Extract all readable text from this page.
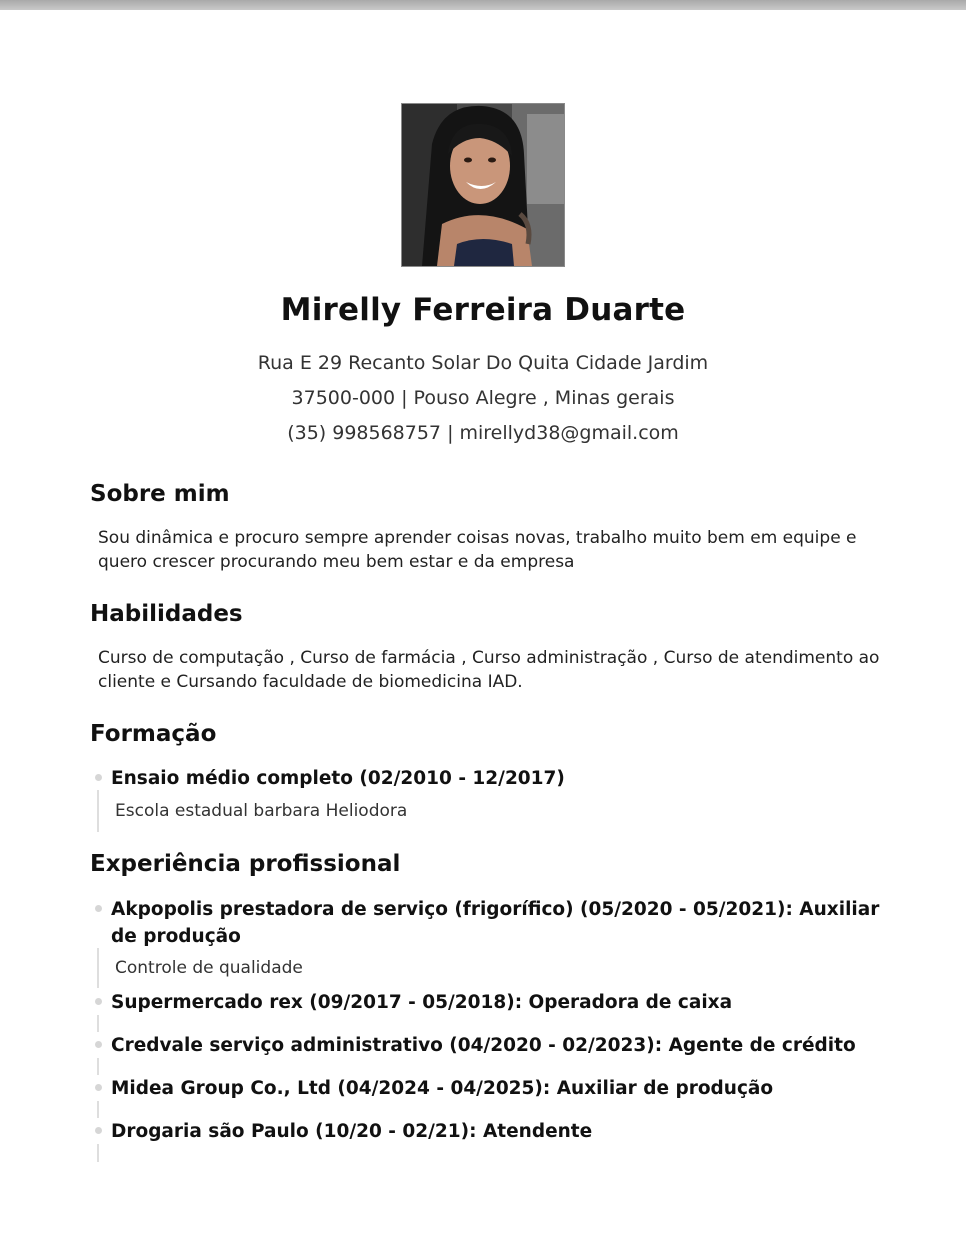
Mirelly Ferreira Duarte
Rua E 29 Recanto Solar Do Quita Cidade Jardim
37500-000 | Pouso Alegre , Minas gerais
(35) 998568757 | mirellyd38@gmail.com
Sobre mim
Sou dinâmica e procuro sempre aprender coisas novas, trabalho muito bem em equipe e quero crescer procurando meu bem estar e da empresa
Habilidades
Curso de computação , Curso de farmácia , Curso administração , Curso de atendimento ao cliente e Cursando faculdade de biomedicina IAD.
Formação
Ensaio médio completo (02/2010 - 12/2017)
Escola estadual barbara Heliodora
Experiência profissional
Akpopolis prestadora de serviço (frigorífico) (05/2020 - 05/2021): Auxiliar de produção
Controle de qualidade
Supermercado rex (09/2017 - 05/2018): Operadora de caixa
Credvale serviço administrativo (04/2020 - 02/2023): Agente de crédito
Midea Group Co., Ltd (04/2024 - 04/2025): Auxiliar de produção
Drogaria são Paulo (10/20 - 02/21): Atendente
